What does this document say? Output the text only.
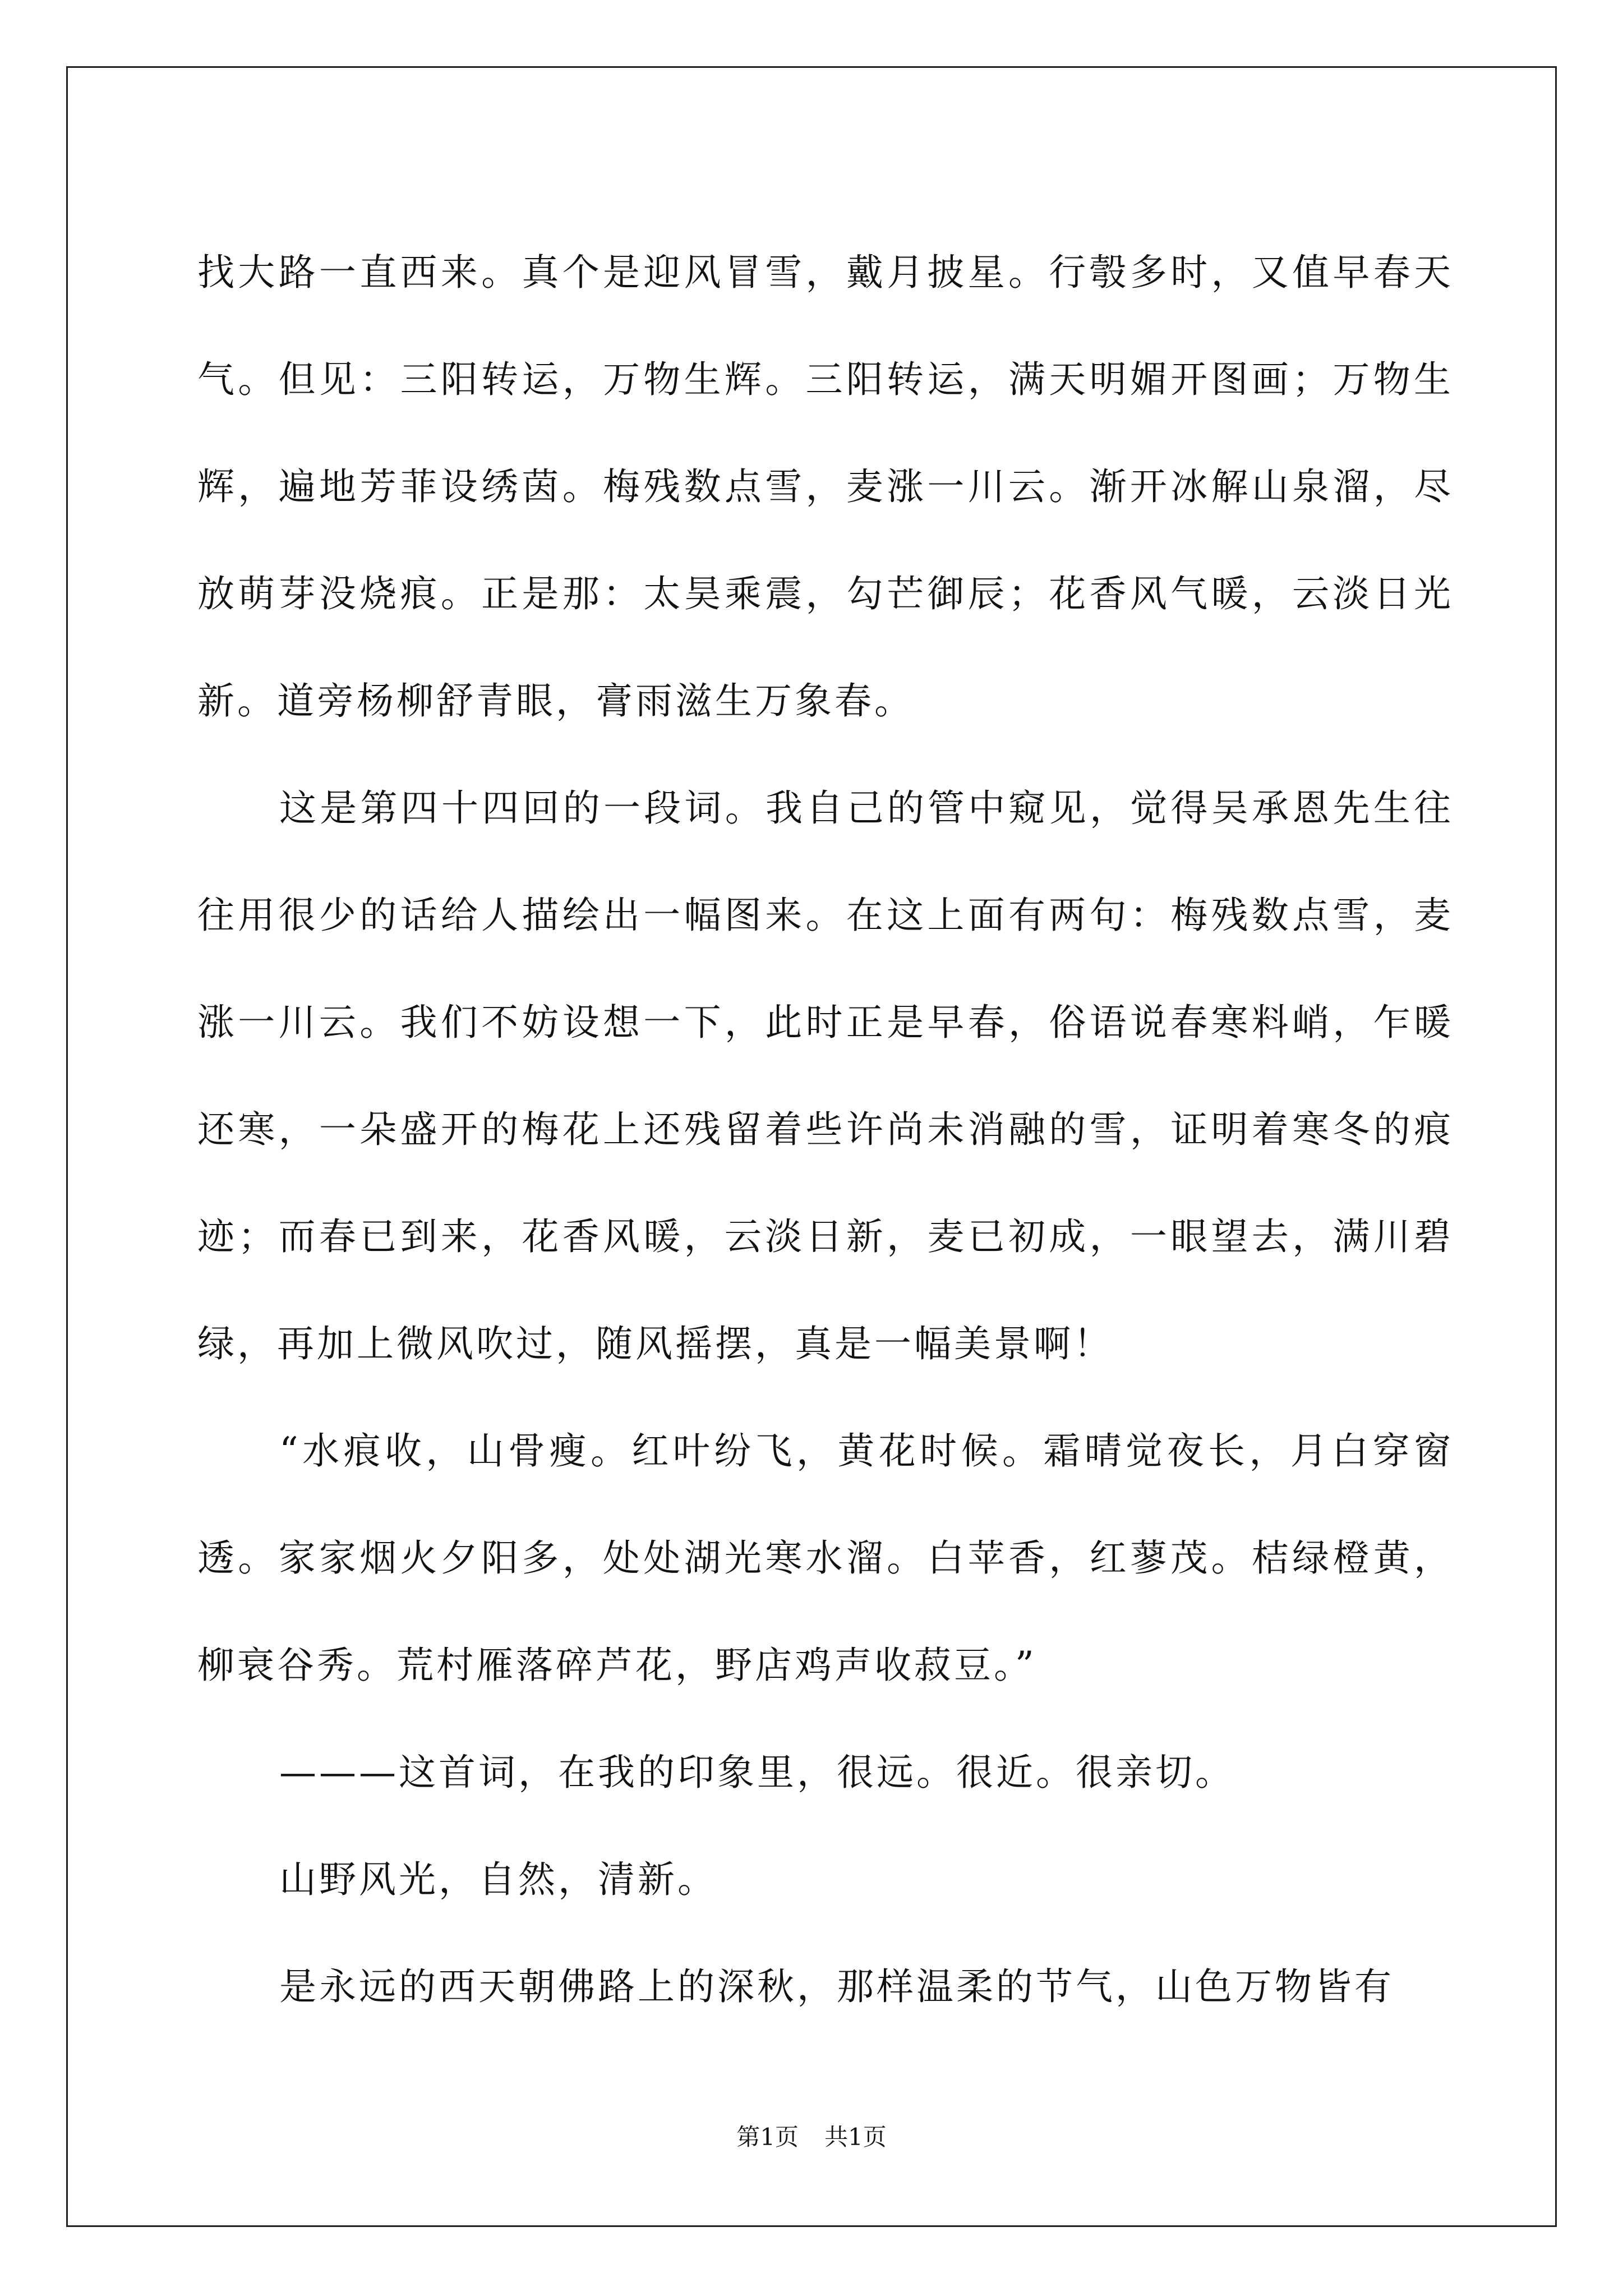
找大路一直西来。真个是迎风冒雪，戴月披星。行彀多时，又值早春天气。但见：三阳转运，万物生辉。三阳转运，满天明媚开图画；万物生辉，遍地芳菲设绣茵。梅残数点雪，麦涨一川云。渐开冰解山泉溜，尽放萌芽没烧痕。正是那：太昊乘震，勾芒御辰；花香风气暖，云淡日光新。道旁杨柳舒青眼，膏雨滋生万象春。

这是第四十四回的一段词。我自己的管中窥见，觉得吴承恩先生往往用很少的话给人描绘出一幅图来。在这上面有两句：梅残数点雪，麦涨一川云。我们不妨设想一下，此时正是早春，俗语说春寒料峭，乍暖还寒，一朵盛开的梅花上还残留着些许尚未消融的雪，证明着寒冬的痕迹；而春已到来，花香风暖，云淡日新，麦已初成，一眼望去，满川碧绿，再加上微风吹过，随风摇摆，真是一幅美景啊！

“水痕收，山骨瘦。红叶纷飞，黄花时候。霜晴觉夜长，月白穿窗透。家家烟火夕阳多，处处湖光寒水溜。白苹香，红蓼茂。桔绿橙黄，柳衰谷秀。荒村雁落碎芦花，野店鸡声收菽豆。”

———这首词，在我的印象里，很远。很近。很亲切。

山野风光，自然，清新。

是永远的西天朝佛路上的深秋，那样温柔的节气，山色万物皆有

第1页 共1页
